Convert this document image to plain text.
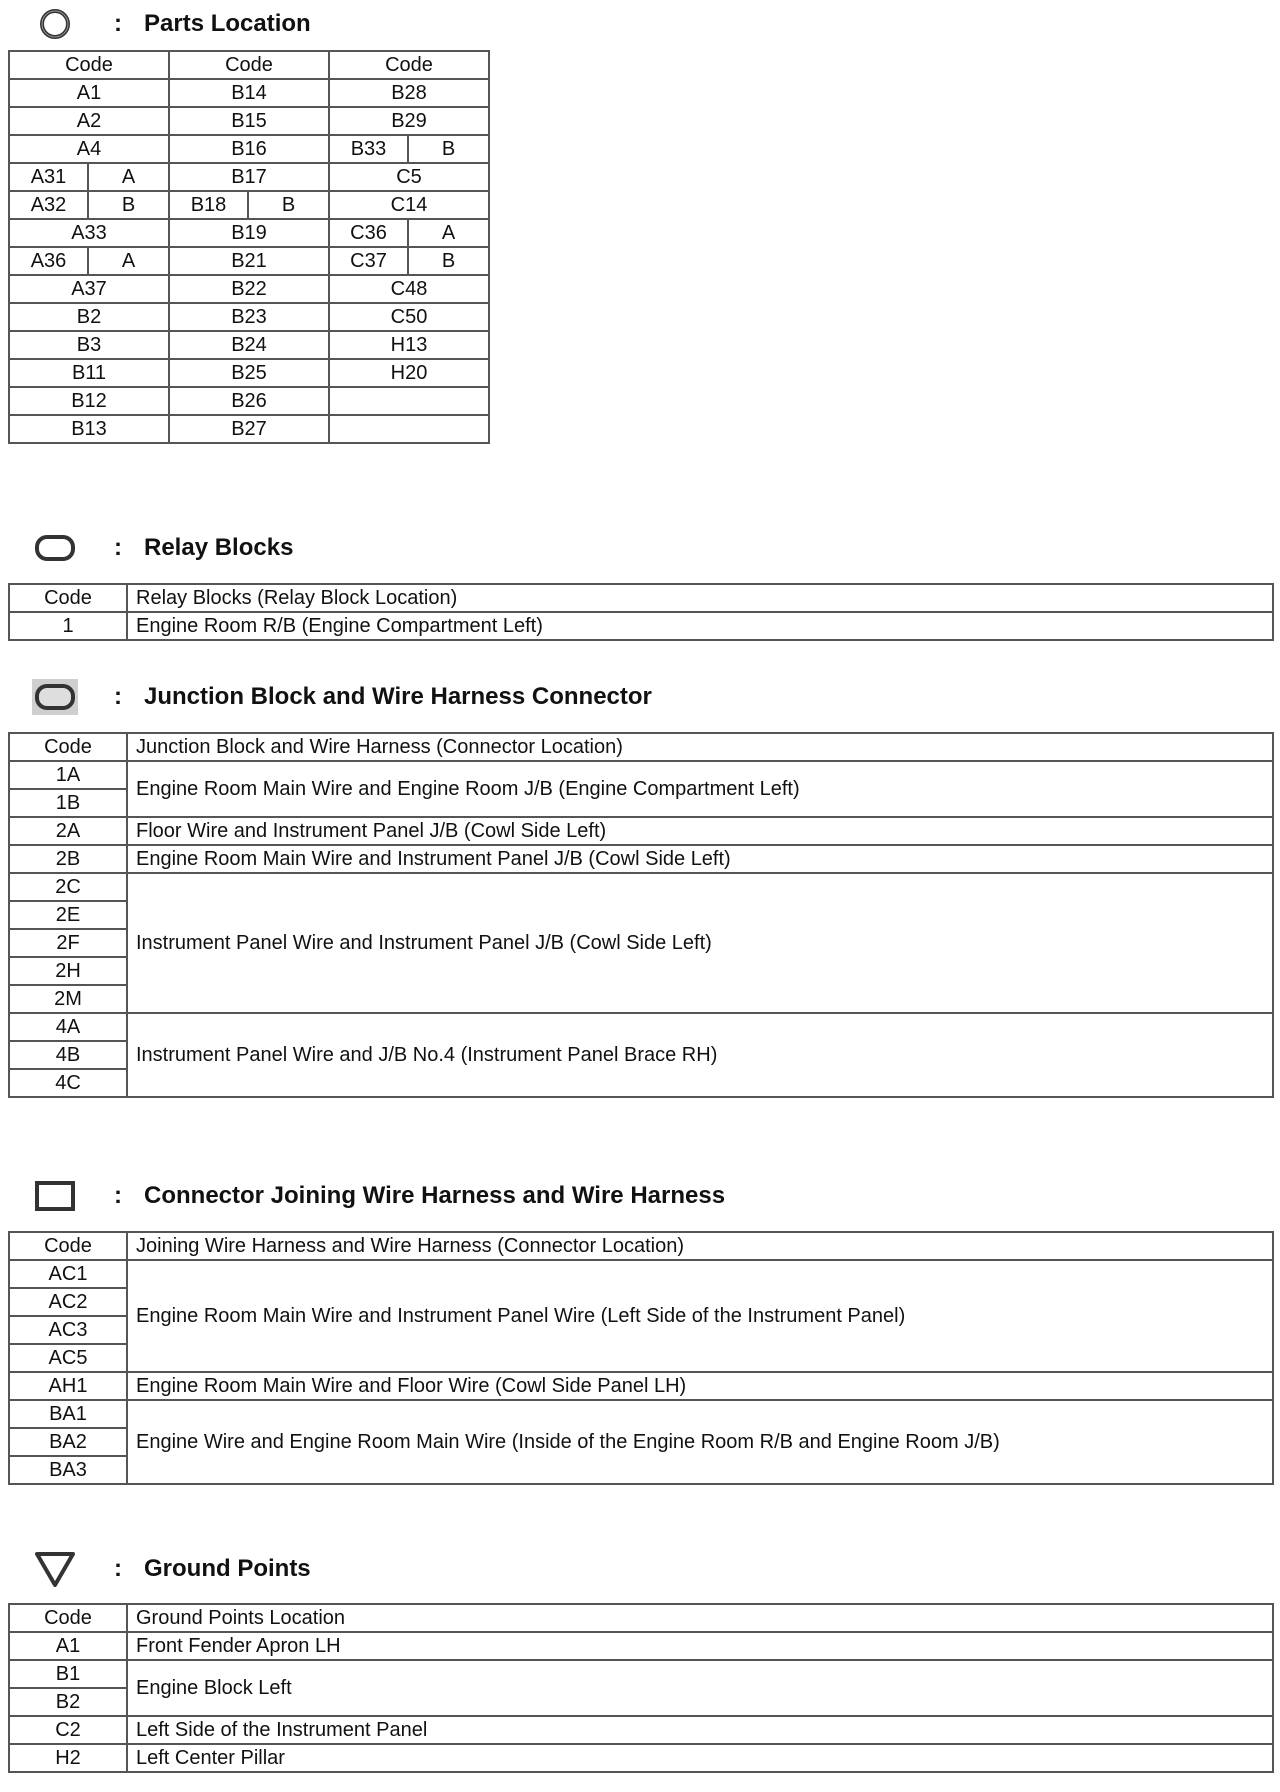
: Parts Location
Code	Code	Code
A1	B14	B28
A2	B15	B29
A4	B16	B33 B

A31 A	B17	C5

A32 B	B18 B	C14
A33	B19	C36 A

A36 A	B21	C37 B

A37	B22	C48
B2	B23	C50
B3	B24	H13
B11	B25	H20
B12	B26	
B13	B27	
: Relay Blocks
Code	Relay Blocks (Relay Block Location)
1	Engine Room R/B (Engine Compartment Left)
: Junction Block and Wire Harness Connector
Code	Junction Block and Wire Harness (Connector Location)
1A	Engine Room Main Wire and Engine Room J/B (Engine Compartment Left)
1B	
2A	Floor Wire and Instrument Panel J/B (Cowl Side Left)
2B	Engine Room Main Wire and Instrument Panel J/B (Cowl Side Left)
2C	Instrument Panel Wire and Instrument Panel J/B (Cowl Side Left)
2E	
2F	
2H	
2M	
4A	Instrument Panel Wire and J/B No.4 (Instrument Panel Brace RH)
4B	
4C	
: Connector Joining Wire Harness and Wire Harness
Code	Joining Wire Harness and Wire Harness (Connector Location)
AC1	Engine Room Main Wire and Instrument Panel Wire (Left Side of the Instrument Panel)
AC2	
AC3	
AC5	
AH1	Engine Room Main Wire and Floor Wire (Cowl Side Panel LH)
BA1	Engine Wire and Engine Room Main Wire (Inside of the Engine Room R/B and Engine Room J/B)
BA2	
BA3	
: Ground Points
Code	Ground Points Location
A1	Front Fender Apron LH
B1	Engine Block Left
B2	
C2	Left Side of the Instrument Panel
H2	Left Center Pillar
